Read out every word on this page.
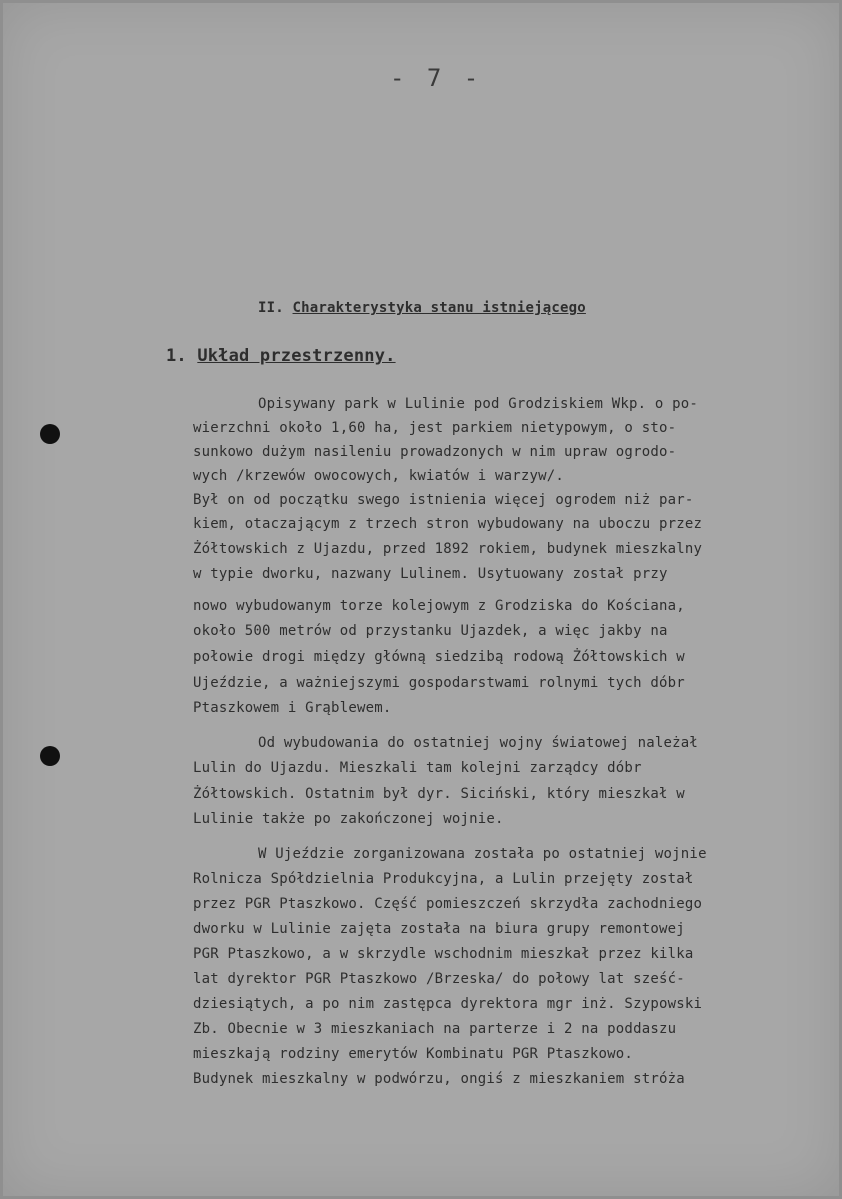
- 7 -
II. Charakterystyka stanu istniejącego
1. Układ przestrzenny.
Opisywany park w Lulinie pod Grodziskiem Wkp. o po-
wierzchni około 1,60 ha, jest parkiem nietypowym, o sto-
sunkowo dużym nasileniu prowadzonych w nim upraw ogrodo-
wych /krzewów owocowych, kwiatów i warzyw/.
Był on od początku swego istnienia więcej ogrodem niż par-
kiem, otaczającym z trzech stron wybudowany na uboczu przez
Żółtowskich z Ujazdu, przed 1892 rokiem, budynek mieszkalny
w typie dworku, nazwany Lulinem. Usytuowany został przy
nowo wybudowanym torze kolejowym z Grodziska do Kościana,
około 500 metrów od przystanku Ujazdek, a więc jakby na
połowie drogi między główną siedzibą rodową Żółtowskich w
Ujeździe, a ważniejszymi gospodarstwami rolnymi tych dóbr
Ptaszkowem i Grąblewem.
Od wybudowania do ostatniej wojny światowej należał
Lulin do Ujazdu. Mieszkali tam kolejni zarządcy dóbr
Żółtowskich. Ostatnim był dyr. Siciński, który mieszkał w
Lulinie także po zakończonej wojnie.
W Ujeździe zorganizowana została po ostatniej wojnie
Rolnicza Spółdzielnia Produkcyjna, a Lulin przejęty został
przez PGR Ptaszkowo. Część pomieszczeń skrzydła zachodniego
dworku w Lulinie zajęta została na biura grupy remontowej
PGR Ptaszkowo, a w skrzydle wschodnim mieszkał przez kilka
lat dyrektor PGR Ptaszkowo /Brzeska/ do połowy lat sześć-
dziesiątych, a po nim zastępca dyrektora mgr inż. Szypowski
Zb. Obecnie w 3 mieszkaniach na parterze i 2 na poddaszu
mieszkają rodziny emerytów Kombinatu PGR Ptaszkowo.
Budynek mieszkalny w podwórzu, ongiś z mieszkaniem stróża
